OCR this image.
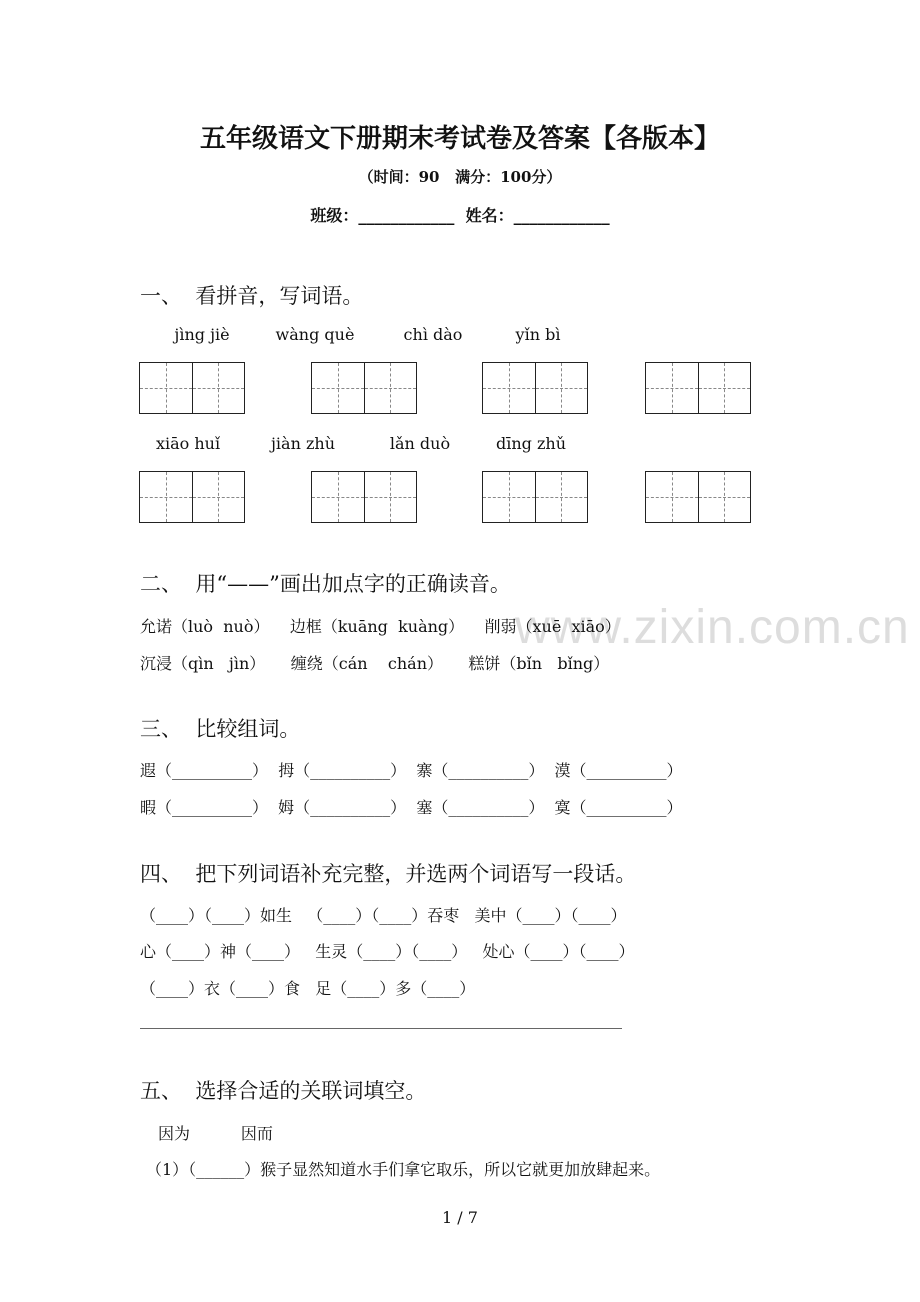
五年级语文下册期末考试卷及答案【各版本】
（时间：90   满分：100分）
班级：____________  姓名：____________
www.zixin.com.cn
一、  看拼音，写词语。
jìng jiè	wàng què	chì dào	yǐn bì
xiāo huǐ	jiàn zhù	lǎn duò	dīng zhǔ
二、  用“——”画出加点字的正确读音。
允诺（luò  nuò）    边框（kuāng  kuàng）    削弱（xuē  xiāo）
沉浸（qìn   jìn）     缠绕（cán    chán）     糕饼（bǐn   bǐng）
三、  比较组词。
遐（__________）  拇（__________）  寨（__________）  漠（__________）
暇（__________）  姆（__________）  塞（__________）  寞（__________）
四、  把下列词语补充完整，并选两个词语写一段话。
（____）（____）如生   （____）（____）吞枣   美中（____）（____）
心（____）神（____）   生灵（____）（____）   处心（____）（____）
（____）衣（____）食   足（____）多（____）
五、  选择合适的关联词填空。
因为          因而
（1）（______）猴子显然知道水手们拿它取乐，所以它就更加放肆起来。
1 / 7
